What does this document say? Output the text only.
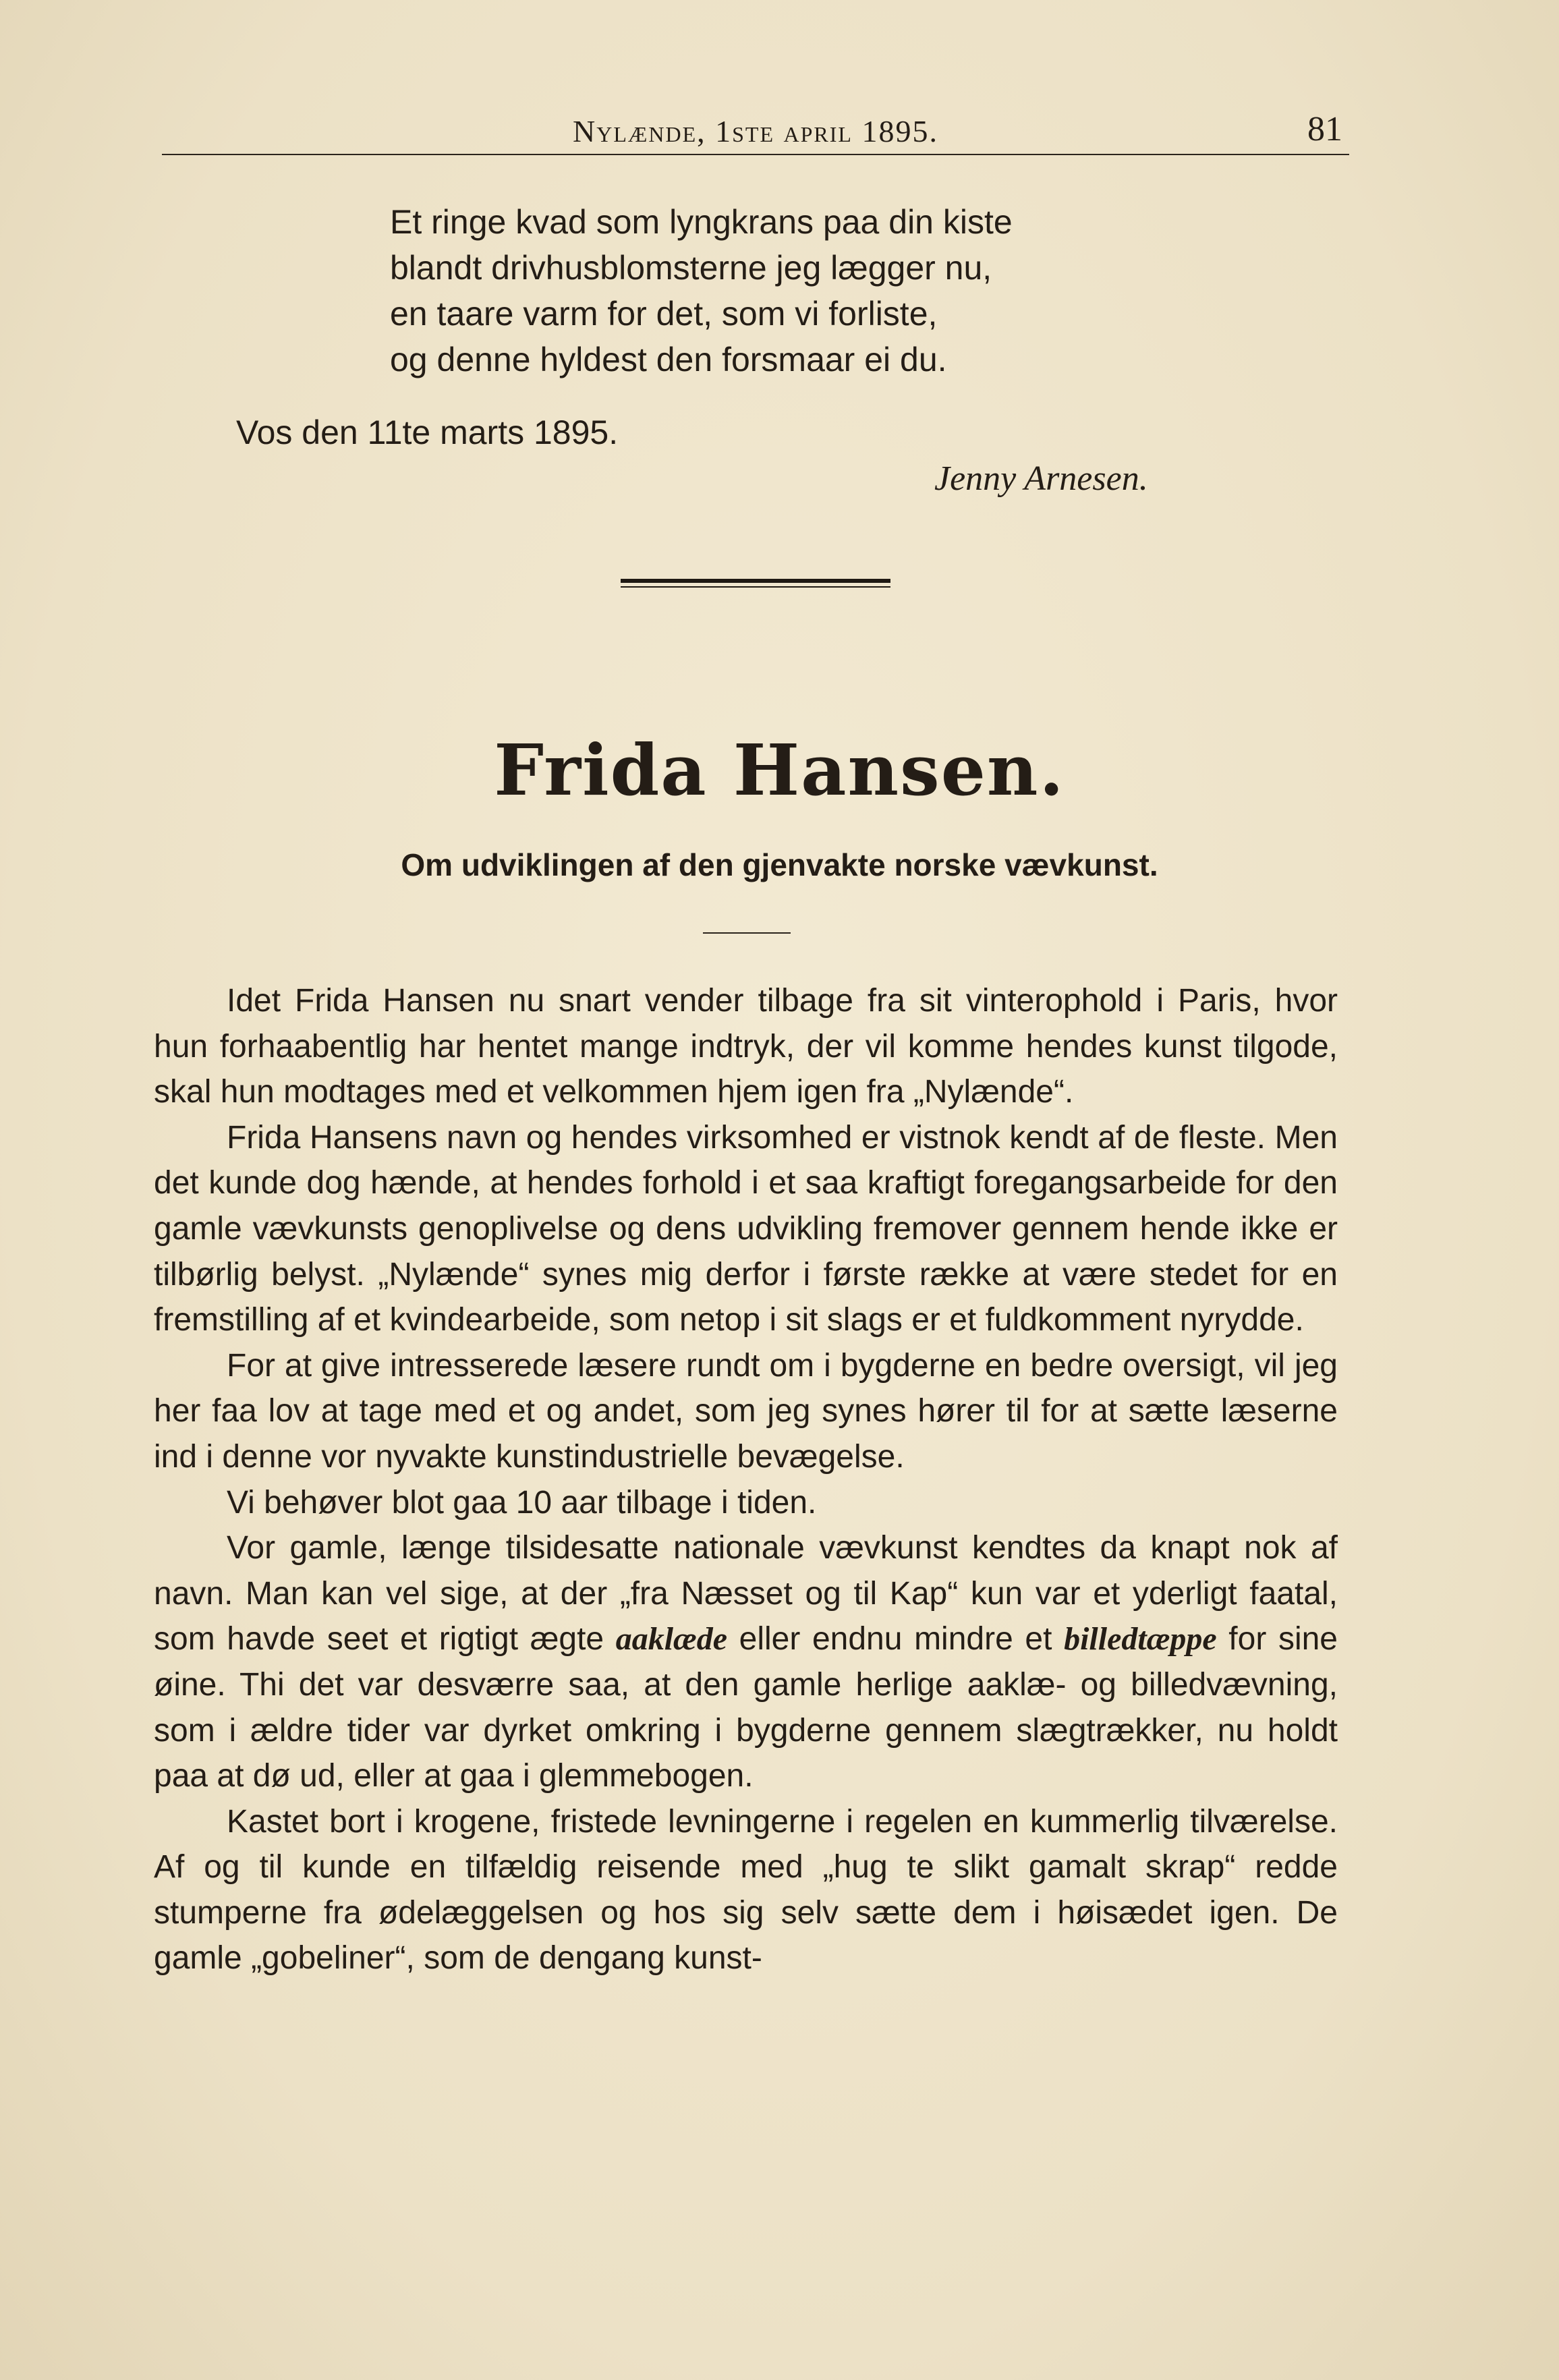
Nylænde, 1ste april 1895.	81
Et ringe kvad som lyngkrans paa din kiste
blandt drivhusblomsterne jeg lægger nu,
en taare varm for det, som vi forliste,
og denne hyldest den forsmaar ei du.
Vos den 11te marts 1895.
Jenny Arnesen.
Frida Hansen.
Om udviklingen af den gjenvakte norske vævkunst.

Idet Frida Hansen nu snart vender tilbage fra sit vinterophold i Paris, hvor hun forhaabentlig har hentet mange indtryk, der vil komme hendes kunst tilgode, skal hun modtages med et velkommen hjem igen fra „Nylænde“.

Frida Hansens navn og hendes virksomhed er vistnok kendt af de fleste. Men det kunde dog hænde, at hendes forhold i et saa kraftigt foregangsarbeide for den gamle vævkunsts genoplivelse og dens udvikling fremover gennem hende ikke er tilbørlig belyst. „Nylænde“ synes mig derfor i første række at være stedet for en fremstilling af et kvindearbeide, som netop i sit slags er et fuldkomment nyrydde.

For at give intresserede læsere rundt om i bygderne en bedre oversigt, vil jeg her faa lov at tage med et og andet, som jeg synes hører til for at sætte læserne ind i denne vor nyvakte kunstindustrielle bevægelse.

Vi behøver blot gaa 10 aar tilbage i tiden.

Vor gamle, længe tilsidesatte nationale vævkunst kendtes da knapt nok af navn. Man kan vel sige, at der „fra Næsset og til Kap“ kun var et yderligt faatal, som havde seet et rigtigt ægte aaklæde eller endnu mindre et billedtæppe for sine øine. Thi det var desværre saa, at den gamle herlige aaklæ- og billedvævning, som i ældre tider var dyrket omkring i bygderne gennem slægtrækker, nu holdt paa at dø ud, eller at gaa i glemmebogen.

Kastet bort i krogene, fristede levningerne i regelen en kummerlig tilværelse. Af og til kunde en tilfældig reisende med „hug te slikt gamalt skrap“ redde stumperne fra ødelæggelsen og hos sig selv sætte dem i høisædet igen. De gamle „gobeliner“, som de dengang kunst-
